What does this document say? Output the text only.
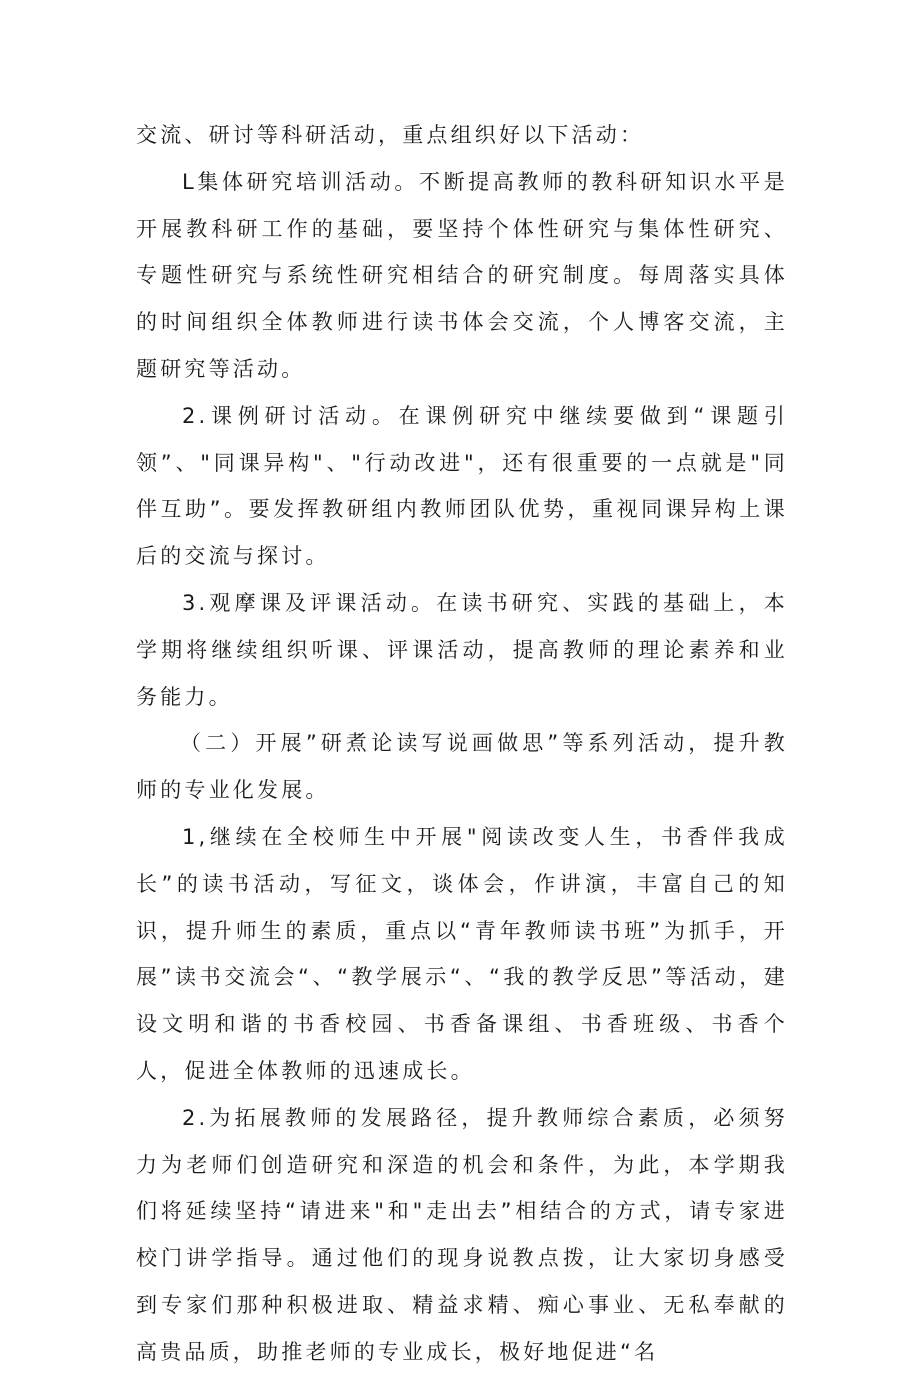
交流、研讨等科研活动，重点组织好以下活动：

L集体研究培训活动。不断提高教师的教科研知识水平是开展教科研工作的基础，要坚持个体性研究与集体性研究、专题性研究与系统性研究相结合的研究制度。每周落实具体的时间组织全体教师进行读书体会交流，个人博客交流，主题研究等活动。

2.课例研讨活动。在课例研究中继续要做到“课题引领”、"同课异构"、"行动改进"，还有很重要的一点就是"同伴互助”。要发挥教研组内教师团队优势，重视同课异构上课后的交流与探讨。

3.观摩课及评课活动。在读书研究、实践的基础上，本学期将继续组织听课、评课活动，提高教师的理论素养和业务能力。

（二）开展”研煮论读写说画做思”等系列活动，提升教师的专业化发展。

1,继续在全校师生中开展"阅读改变人生，书香伴我成长”的读书活动，写征文，谈体会，作讲演，丰富自己的知识，提升师生的素质，重点以“青年教师读书班”为抓手，开展”读书交流会“、“教学展示“、“我的教学反思”等活动，建设文明和谐的书香校园、书香备课组、书香班级、书香个人，促进全体教师的迅速成长。

2.为拓展教师的发展路径，提升教师综合素质，必须努力为老师们创造研究和深造的机会和条件，为此，本学期我们将延续坚持“请进来"和"走出去”相结合的方式，请专家进校门讲学指导。通过他们的现身说教点拨，让大家切身感受到专家们那种积极进取、精益求精、痴心事业、无私奉献的高贵品质，助推老师的专业成长，极好地促进“名
